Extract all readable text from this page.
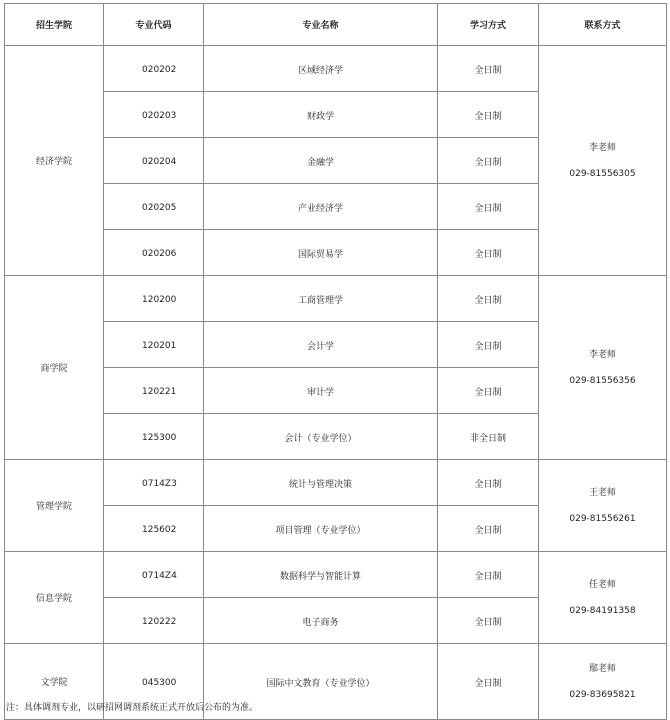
招生学院	专业代码	专业名称	学习方式	联系方式
经济学院	020202	区域经济学	全日制	李老师
029-81556305

	020203	财政学	全日制	
	020204	金融学	全日制	
	020205	产业经济学	全日制	
	020206	国际贸易学	全日制	
商学院	120200	工商管理学	全日制	李老师
029-81556356

	120201	会计学	全日制	
	120221	审计学	全日制	
	125300	会计（专业学位）	非全日制	
管理学院	0714Z3	统计与管理决策	全日制	王老师
029-81556261

	125602	项目管理（专业学位）	全日制	
信息学院	0714Z4	数据科学与智能计算	全日制	任老师
029-84191358

	120222	电子商务	全日制	
文学院	045300	国际中文教育（专业学位）	全日制	鄢老师
029-83695821
注：具体调剂专业，以研招网调剂系统正式开放后公布的为准。
